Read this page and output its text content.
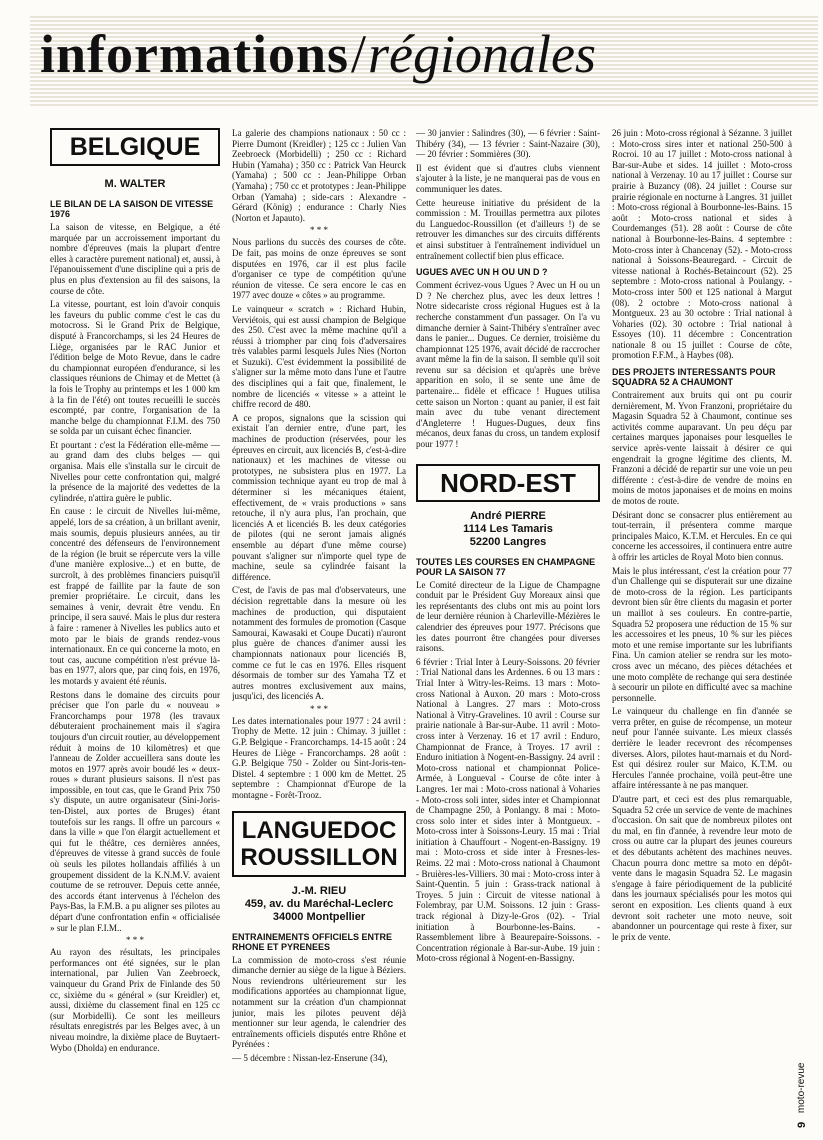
informations/régionales
BELGIQUE
M. WALTER
LE BILAN DE LA SAISON DE VITESSE 1976

La saison de vitesse, en Belgique, a été marquée par un accroissement important du nombre d'épreuves (mais la plupart d'entre elles à caractère purement national) et, aussi, à l'épanouissement d'une discipline qui a pris de plus en plus d'extension au fil des saisons, la course de côte.

La vitesse, pourtant, est loin d'avoir conquis les faveurs du public comme c'est le cas du motocross. Si le Grand Prix de Belgique, disputé à Francorchamps, si les 24 Heures de Liège, organisées par le RAC Junior et l'édition belge de Moto Revue, dans le cadre du championnat européen d'endurance, si les classiques réunions de Chimay et de Mettet (à la fois le Trophy au printemps et les 1 000 km à la fin de l'été) ont toutes recueilli le succès escompté, par contre, l'organisation de la manche belge du championnat F.I.M. des 750 se solda par un cuisant échec financier.

Et pourtant : c'est la Fédération elle-même — au grand dam des clubs belges — qui organisa. Mais elle s'installa sur le circuit de Nivelles pour cette confrontation qui, malgré la présence de la majorité des vedettes de la cylindrée, n'attira guère le public.

En cause : le circuit de Nivelles lui-même, appelé, lors de sa création, à un brillant avenir, mais soumis, depuis plusieurs années, au tir concentré des défenseurs de l'environnement de la région (le bruit se répercute vers la ville d'une manière explosive...) et en butte, de surcroît, à des problèmes financiers puisqu'il est frappé de faillite par la faute de son premier propriétaire. Le circuit, dans les semaines à venir, devrait être vendu. En principe, il sera sauvé. Mais le plus dur restera à faire : ramener à Nivelles les publics auto et moto par le biais de grands rendez-vous internationaux. En ce qui concerne la moto, en tout cas, aucune compétition n'est prévue là-bas en 1977, alors que, par cinq fois, en 1976, les motards y avaient été réunis.

Restons dans le domaine des circuits pour préciser que l'on parle du « nouveau » Francorchamps pour 1978 (les travaux débuteraient prochainement mais il s'agira toujours d'un circuit routier, au développement réduit à moins de 10 kilomètres) et que l'anneau de Zolder accueillera sans doute les motos en 1977 après avoir boudé les « deux-roues » durant plusieurs saisons. Il n'est pas impossible, en tout cas, que le Grand Prix 750 s'y dispute, un autre organisateur (Sini-Joris-ten-Distel, aux portes de Bruges) étant toutefois sur les rangs. Il offre un parcours « dans la ville » que l'on élargit actuellement et qui fut le théâtre, ces dernières années, d'épreuves de vitesse à grand succès de foule où seuls les pilotes hollandais affiliés à un groupement dissident de la K.N.M.V. avaient coutume de se retrouver. Depuis cette année, des accords étant intervenus à l'échelon des Pays-Bas, la F.M.B. a pu aligner ses pilotes au départ d'une confrontation enfin « officialisée » sur le plan F.I.M..

* * *

Au rayon des résultats, les principales performances ont été signées, sur le plan international, par Julien Van Zeebroeck, vainqueur du Grand Prix de Finlande des 50 cc, sixième du « général » (sur Kreidler) et, aussi, dixième du classement final en 125 cc (sur Morbidelli). Ce sont les meilleurs résultats enregistrés par les Belges avec, à un niveau moindre, la dixième place de Buytaert-Wybo (Dholda) en endurance.

La galerie des champions nationaux : 50 cc : Pierre Dumont (Kreidler) ; 125 cc : Julien Van Zeebroeck (Morbidelli) ; 250 cc : Richard Hubin (Yamaha) ; 350 cc : Patrick Van Heurck (Yamaha) ; 500 cc : Jean-Philippe Orban (Yamaha) ; 750 cc et prototypes : Jean-Philippe Orban (Yamaha) ; side-cars : Alexandre - Gérard (König) ; endurance : Charly Nies (Norton et Japauto).

* * *

Nous parlions du succès des courses de côte. De fait, pas moins de onze épreuves se sont disputées en 1976, car il est plus facile d'organiser ce type de compétition qu'une réunion de vitesse. Ce sera encore le cas en 1977 avec douze « côtes » au programme.

Le vainqueur « scratch » : Richard Hubin, Verviétois, qui est aussi champion de Belgique des 250. C'est avec la même machine qu'il a réussi à triompher par cinq fois d'adversaires très valables parmi lesquels Jules Nies (Norton et Suzuki). C'est évidemment la possibilité de s'aligner sur la même moto dans l'une et l'autre des disciplines qui a fait que, finalement, le nombre de licenciés « vitesse » a atteint le chiffre record de 480.

A ce propos, signalons que la scission qui existait l'an dernier entre, d'une part, les machines de production (réservées, pour les épreuves en circuit, aux licenciés B, c'est-à-dire nationaux) et les machines de vitesse ou prototypes, ne subsistera plus en 1977. La commission technique ayant eu trop de mal à déterminer si les mécaniques étaient, effectivement, de « vrais productions » sans retouche, il n'y aura plus, l'an prochain, que licenciés A et licenciés B. les deux catégories de pilotes (qui ne seront jamais alignés ensemble au départ d'une même course) pouvant s'aligner sur n'importe quel type de machine, seule sa cylindrée faisant la différence.

C'est, de l'avis de pas mal d'observateurs, une décision regrettable dans la mesure où les machines de production, qui disputaient notamment des formules de promotion (Casque Samourai, Kawasaki et Coupe Ducati) n'auront plus guère de chances d'animer aussi les championnats nationaux pour licenciés B, comme ce fut le cas en 1976. Elles risquent désormais de tomber sur des Yamaha TZ et autres montres exclusivement aux mains, jusqu'ici, des licenciés A.

* * *

Les dates internationales pour 1977 : 24 avril : Trophy de Mette. 12 juin : Chimay. 3 juillet : G.P. Belgique - Francorchamps. 14-15 août : 24 Heures de Liège - Francorchamps. 28 août : G.P. Belgique 750 - Zolder ou Sint-Joris-ten-Distel. 4 septembre : 1 000 km de Mettet. 25 septembre : Championnat d'Europe de la montagne - Forêt-Trooz.

LANGUEDOC ROUSSILLON
J.-M. RIEU
459, av. du Maréchal-Leclerc
34000 Montpellier
ENTRAINEMENTS OFFICIELS ENTRE RHONE ET PYRENEES

La commission de moto-cross s'est réunie dimanche dernier au siège de la ligue à Béziers. Nous reviendrons ultérieurement sur les modifications apportées au championnat ligue, notamment sur la création d'un championnat junior, mais les pilotes peuvent déjà mentionner sur leur agenda, le calendrier des entraînements officiels disputés entre Rhône et Pyrénées :

— 5 décembre : Nissan-lez-Enserune (34),

— 30 janvier : Salindres (30), — 6 février : Saint-Thibéry (34), — 13 février : Saint-Nazaire (30), — 20 février : Sommières (30).

Il est évident que si d'autres clubs viennent s'ajouter à la liste, je ne manquerai pas de vous en communiquer les dates.

Cette heureuse initiative du président de la commission : M. Trouillas permettra aux pilotes du Languedoc-Roussillon (et d'ailleurs !) de se retrouver les dimanches sur des circuits différents et ainsi substituer à l'entraînement individuel un entraînement collectif bien plus efficace.

UGUES AVEC UN H OU UN D ?

Comment écrivez-vous Ugues ? Avec un H ou un D ? Ne cherchez plus, avec les deux lettres ! Notre sidecariste cross régional Hugues est à la recherche constamment d'un passager. On l'a vu dimanche dernier à Saint-Thibéry s'entraîner avec dans le panier... Dugues. Ce dernier, troisième du championnat 125 1976, avait décidé de raccrocher avant même la fin de la saison. Il semble qu'il soit revenu sur sa décision et qu'après une brève apparition en solo, il se sente une âme de partenaire... fidèle et efficace ! Hugues utilisa cette saison un Norton : quant au panier, il est fait main avec du tube venant directement d'Angleterre ! Hugues-Dugues, deux fins mécanos, deux fanas du cross, un tandem explosif pour 1977 !

NORD-EST
André PIERRE
1114 Les Tamaris
52200 Langres
TOUTES LES COURSES EN CHAMPAGNE POUR LA SAISON 77

Le Comité directeur de la Ligue de Champagne conduit par le Président Guy Moreaux ainsi que les représentants des clubs ont mis au point lors de leur dernière réunion à Charleville-Mézières le calendrier des épreuves pour 1977. Précisons que les dates pourront être changées pour diverses raisons.

6 février : Trial Inter à Leury-Soissons. 20 février : Trial National dans les Ardennes. 6 ou 13 mars : Trial Inter à Witry-les-Reims. 13 mars : Moto-cross National à Auxon. 20 mars : Moto-cross National à Langres. 27 mars : Moto-cross National à Vitry-Gravelines. 10 avril : Course sur prairie nationale à Bar-sur-Aube. 11 avril : Moto-cross inter à Verzenay. 16 et 17 avril : Enduro, Championnat de France, à Troyes. 17 avril : Enduro initiation à Nogent-en-Bassigny. 24 avril : Moto-cross national et championnat Police-Armée, à Longueval - Course de côte inter à Langres. 1er mai : Moto-cross national à Voharies - Moto-cross soli inter, sides inter et Championnat de Champagne 250, à Ponlangy. 8 mai : Moto-cross solo inter et sides inter à Montgueux. - Moto-cross inter à Soissons-Leury. 15 mai : Trial initiation à Chauffourt - Nogent-en-Bassigny. 19 mai : Moto-cross et side inter à Fresnes-les-Reims. 22 mai : Moto-cross national à Chaumont - Bruières-les-Villiers. 30 mai : Moto-cross inter à Saint-Quentin. 5 juin : Grass-track national à Troyes. 5 juin : Circuit de vitesse national à Folembray, par U.M. Soissons. 12 juin : Grass-track régional à Dizy-le-Gros (02). - Trial initiation à Bourbonne-les-Bains. - Rassemblement libre à Beaurepaire-Soissons. - Concentration régionale à Bar-sur-Aube. 19 juin : Moto-cross régional à Nogent-en-Bassigny.

26 juin : Moto-cross régional à Sézanne. 3 juillet : Moto-cross sires inter et national 250-500 à Rocroi. 10 au 17 juillet : Moto-cross national à Bar-sur-Aube et sides. 14 juillet : Moto-cross national à Verzenay. 10 au 17 juillet : Course sur prairie à Buzancy (08). 24 juillet : Course sur prairie régionale en nocturne à Langres. 31 juillet : Moto-cross régional à Bourbonne-les-Bains. 15 août : Moto-cross national et sides à Courdemanges (51). 28 août : Course de côte national à Bourbonne-les-Bains. 4 septembre : Moto-cross inter à Chancenay (52). - Moto-cross national à Soissons-Beauregard. - Circuit de vitesse national à Rochés-Betaincourt (52). 25 septembre : Moto-cross national à Poulangy. - Moto-cross inter 500 et 125 national à Margut (08). 2 octobre : Moto-cross national à Montgueux. 23 au 30 octobre : Trial national à Voharies (02). 30 octobre : Trial national à Essoyes (10). 11 décembre : Concentration nationale 8 ou 15 juillet : Course de côte, promotion F.F.M., à Haybes (08).

DES PROJETS INTERESSANTS POUR SQUADRA 52 A CHAUMONT

Contrairement aux bruits qui ont pu courir dernièrement, M. Yvon Franzoni, propriétaire du Magasin Squadra 52 à Chaumont, continue ses activités comme auparavant. Un peu déçu par certaines marques japonaises pour lesquelles le service après-vente laissait à désirer ce qui engendrait la grogne légitime des clients, M. Franzoni a décidé de repartir sur une voie un peu différente : c'est-à-dire de vendre de moins en moins de motos japonaises et de moins en moins de motos de route.

Désirant donc se consacrer plus entièrement au tout-terrain, il présentera comme marque principales Maico, K.T.M. et Hercules. En ce qui concerne les accessoires, il continuera entre autre à offrir les articles de Royal Moto bien connus.

Mais le plus intéressant, c'est la création pour 77 d'un Challenge qui se disputerait sur une dizaine de moto-cross de la région. Les participants devront bien sûr être clients du magasin et porter un maillot à ses couleurs. En contre-partie, Squadra 52 proposera une réduction de 15 % sur les accessoires et les pneus, 10 % sur les pièces moto et une remise importante sur les lubrifiants Fina. Un camion atelier se rendra sur les moto-cross avec un mécano, des pièces détachées et une moto complète de rechange qui sera destinée à secourir un pilote en difficulté avec sa machine personnelle.

Le vainqueur du challenge en fin d'année se verra prêter, en guise de récompense, un moteur neuf pour l'année suivante. Les mieux classés derrière le leader recevront des récompenses diverses. Alors, pilotes haut-marnais et du Nord-Est qui désirez rouler sur Maico, K.T.M. ou Hercules l'année prochaine, voilà peut-être une affaire intéressante à ne pas manquer.

D'autre part, et ceci est des plus remarquable, Squadra 52 crée un service de vente de machines d'occasion. On sait que de nombreux pilotes ont du mal, en fin d'année, à revendre leur moto de cross ou autre car la plupart des jeunes coureurs et des débutants achètent des machines neuves. Chacun pourra donc mettre sa moto en dépôt-vente dans le magasin Squadra 52. Le magasin s'engage à faire périodiquement de la publicité dans les journaux spécialisés pour les motos qui seront en exposition. Les clients quand à eux devront soit racheter une moto neuve, soit abandonner un pourcentage qui reste à fixer, sur le prix de vente.

9 moto-revue
